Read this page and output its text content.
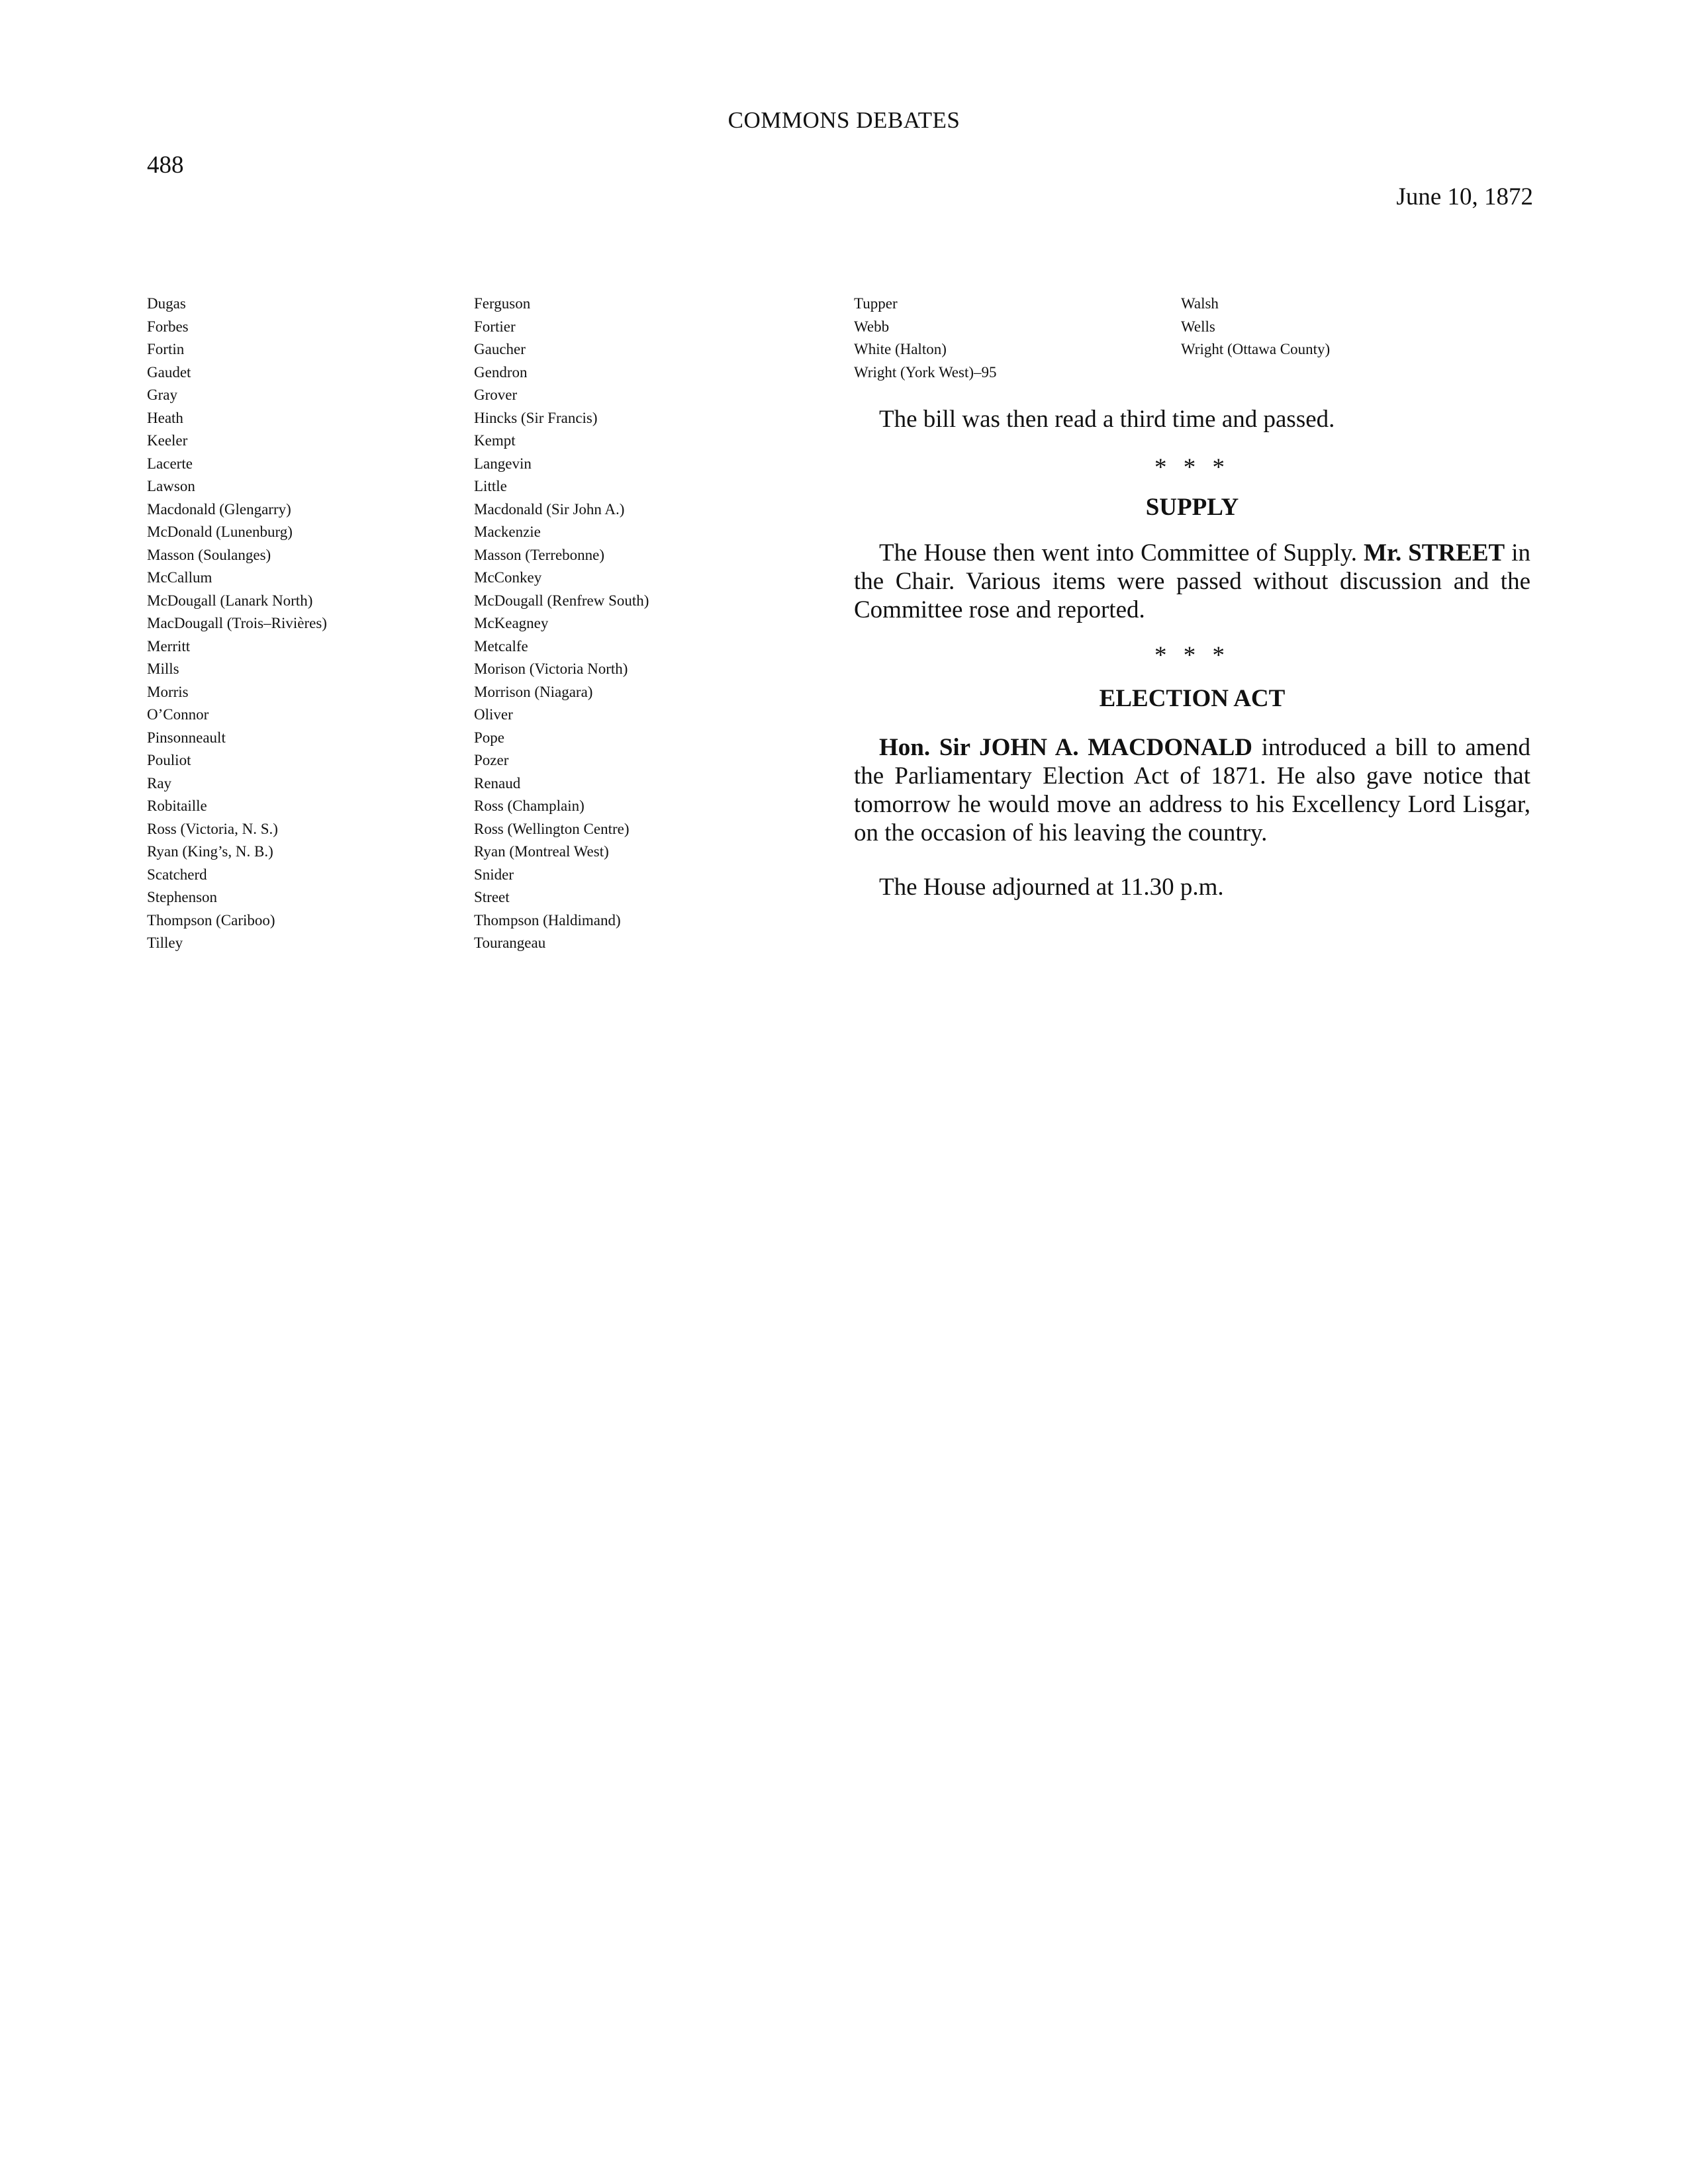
COMMONS DEBATES
488
June 10, 1872
Dugas
Forbes
Fortin
Gaudet
Gray
Heath
Keeler
Lacerte
Lawson
Macdonald (Glengarry)
McDonald (Lunenburg)
Masson (Soulanges)
McCallum
McDougall (Lanark North)
MacDougall (Trois–Rivières)
Merritt
Mills
Morris
O’Connor
Pinsonneault
Pouliot
Ray
Robitaille
Ross (Victoria, N. S.)
Ryan (King’s, N. B.)
Scatcherd
Stephenson
Thompson (Cariboo)
Tilley
Ferguson
Fortier
Gaucher
Gendron
Grover
Hincks (Sir Francis)
Kempt
Langevin
Little
Macdonald (Sir John A.)
Mackenzie
Masson (Terrebonne)
McConkey
McDougall (Renfrew South)
McKeagney
Metcalfe
Morison (Victoria North)
Morrison (Niagara)
Oliver
Pope
Pozer
Renaud
Ross (Champlain)
Ross (Wellington Centre)
Ryan (Montreal West)
Snider
Street
Thompson (Haldimand)
Tourangeau
Tupper
Webb
White (Halton)
Wright (York West)–95
Walsh
Wells
Wright (Ottawa County)

The bill was then read a third time and passed.

* * *

SUPPLY

The House then went into Committee of Supply. Mr. STREET in the Chair. Various items were passed without discussion and the Committee rose and reported.

* * *

ELECTION ACT

Hon. Sir JOHN A. MACDONALD introduced a bill to amend the Parliamentary Election Act of 1871. He also gave notice that tomorrow he would move an address to his Excellency Lord Lisgar, on the occasion of his leaving the country.

The House adjourned at 11.30 p.m.
